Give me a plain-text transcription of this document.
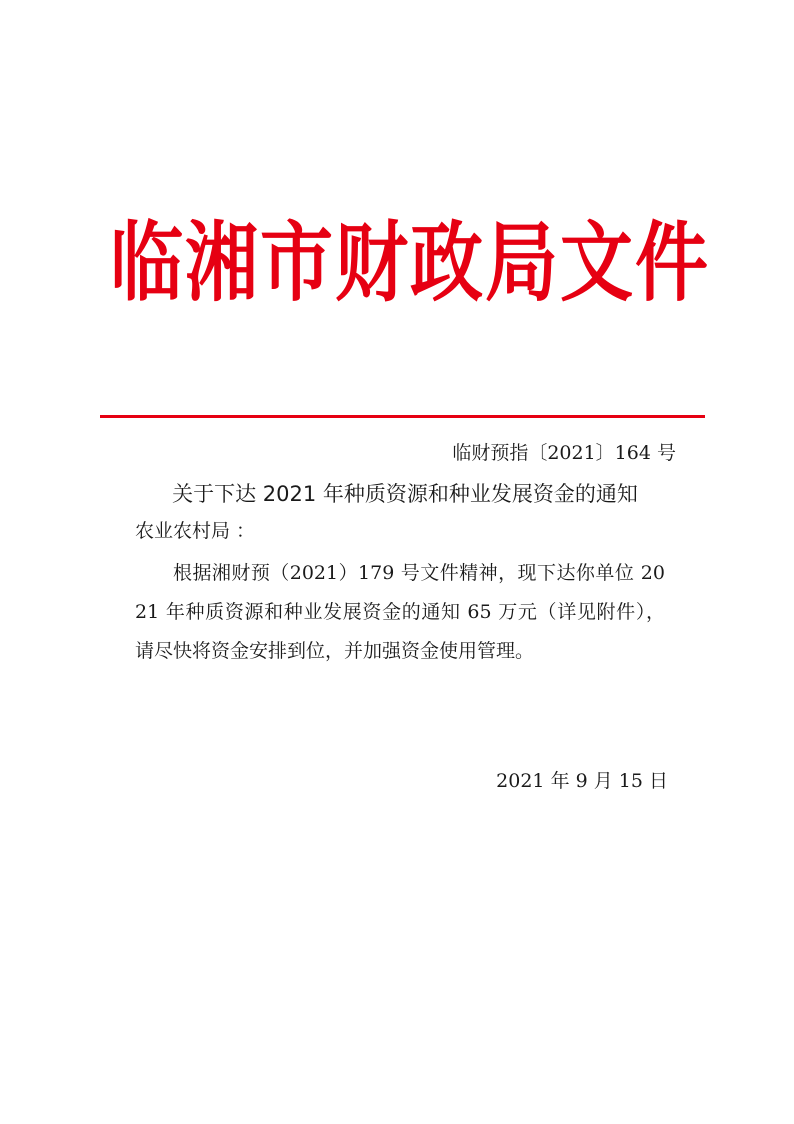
临湘市财政局文件
临财预指〔2021〕164 号
关于下达 2021 年种质资源和种业发展资金的通知
农业农村局 ：

根据湘财预（2021）179 号文件精神，现下达你单位 2021 年种质资源和种业发展资金的通知 65 万元（详见附件），请尽快将资金安排到位，并加强资金使用管理。

2021 年 9 月 15 日
